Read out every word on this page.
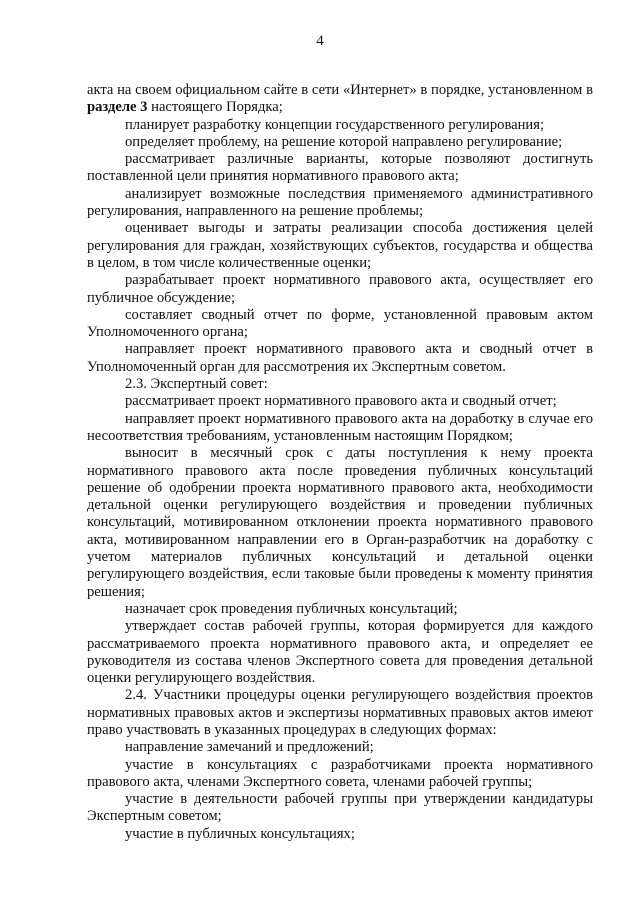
4

акта на своем официальном сайте в сети «Интернет» в порядке, установленном в разделе 3 настоящего Порядка;

планирует разработку концепции государственного регулирования;

определяет проблему, на решение которой направлено регулирование;

рассматривает различные варианты, которые позволяют достигнуть поставленной цели принятия нормативного правового акта;

анализирует возможные последствия применяемого административного регулирования, направленного на решение проблемы;

оценивает выгоды и затраты реализации способа достижения целей регулирования для граждан, хозяйствующих субъектов, государства и общества в целом, в том числе количественные оценки;

разрабатывает проект нормативного правового акта, осуществляет его публичное обсуждение;

составляет сводный отчет по форме, установленной правовым актом Уполномоченного органа;

направляет проект нормативного правового акта и сводный отчет в Уполномоченный орган для рассмотрения их Экспертным советом.

2.3. Экспертный совет:

рассматривает проект нормативного правового акта и сводный отчет;

направляет проект нормативного правового акта на доработку в случае его несоответствия требованиям, установленным настоящим Порядком;

выносит в месячный срок с даты поступления к нему проекта нормативного правового акта после проведения публичных консультаций решение об одобрении проекта нормативного правового акта, необходимости детальной оценки регулирующего воздействия и проведении публичных консультаций, мотивированном отклонении проекта нормативного правового акта, мотивированном направлении его в Орган-разработчик на доработку с учетом материалов публичных консультаций и детальной оценки регулирующего воздействия, если таковые были проведены к моменту принятия решения;

назначает срок проведения публичных консультаций;

утверждает состав рабочей группы, которая формируется для каждого рассматриваемого проекта нормативного правового акта, и определяет ее руководителя из состава членов Экспертного совета для проведения детальной оценки регулирующего воздействия.

2.4. Участники процедуры оценки регулирующего воздействия проектов нормативных правовых актов и экспертизы нормативных правовых актов имеют право участвовать в указанных процедурах в следующих формах:

направление замечаний и предложений;

участие в консультациях с разработчиками проекта нормативного правового акта, членами Экспертного совета, членами рабочей группы;

участие в деятельности рабочей группы при утверждении кандидатуры Экспертным советом;

участие в публичных консультациях;
